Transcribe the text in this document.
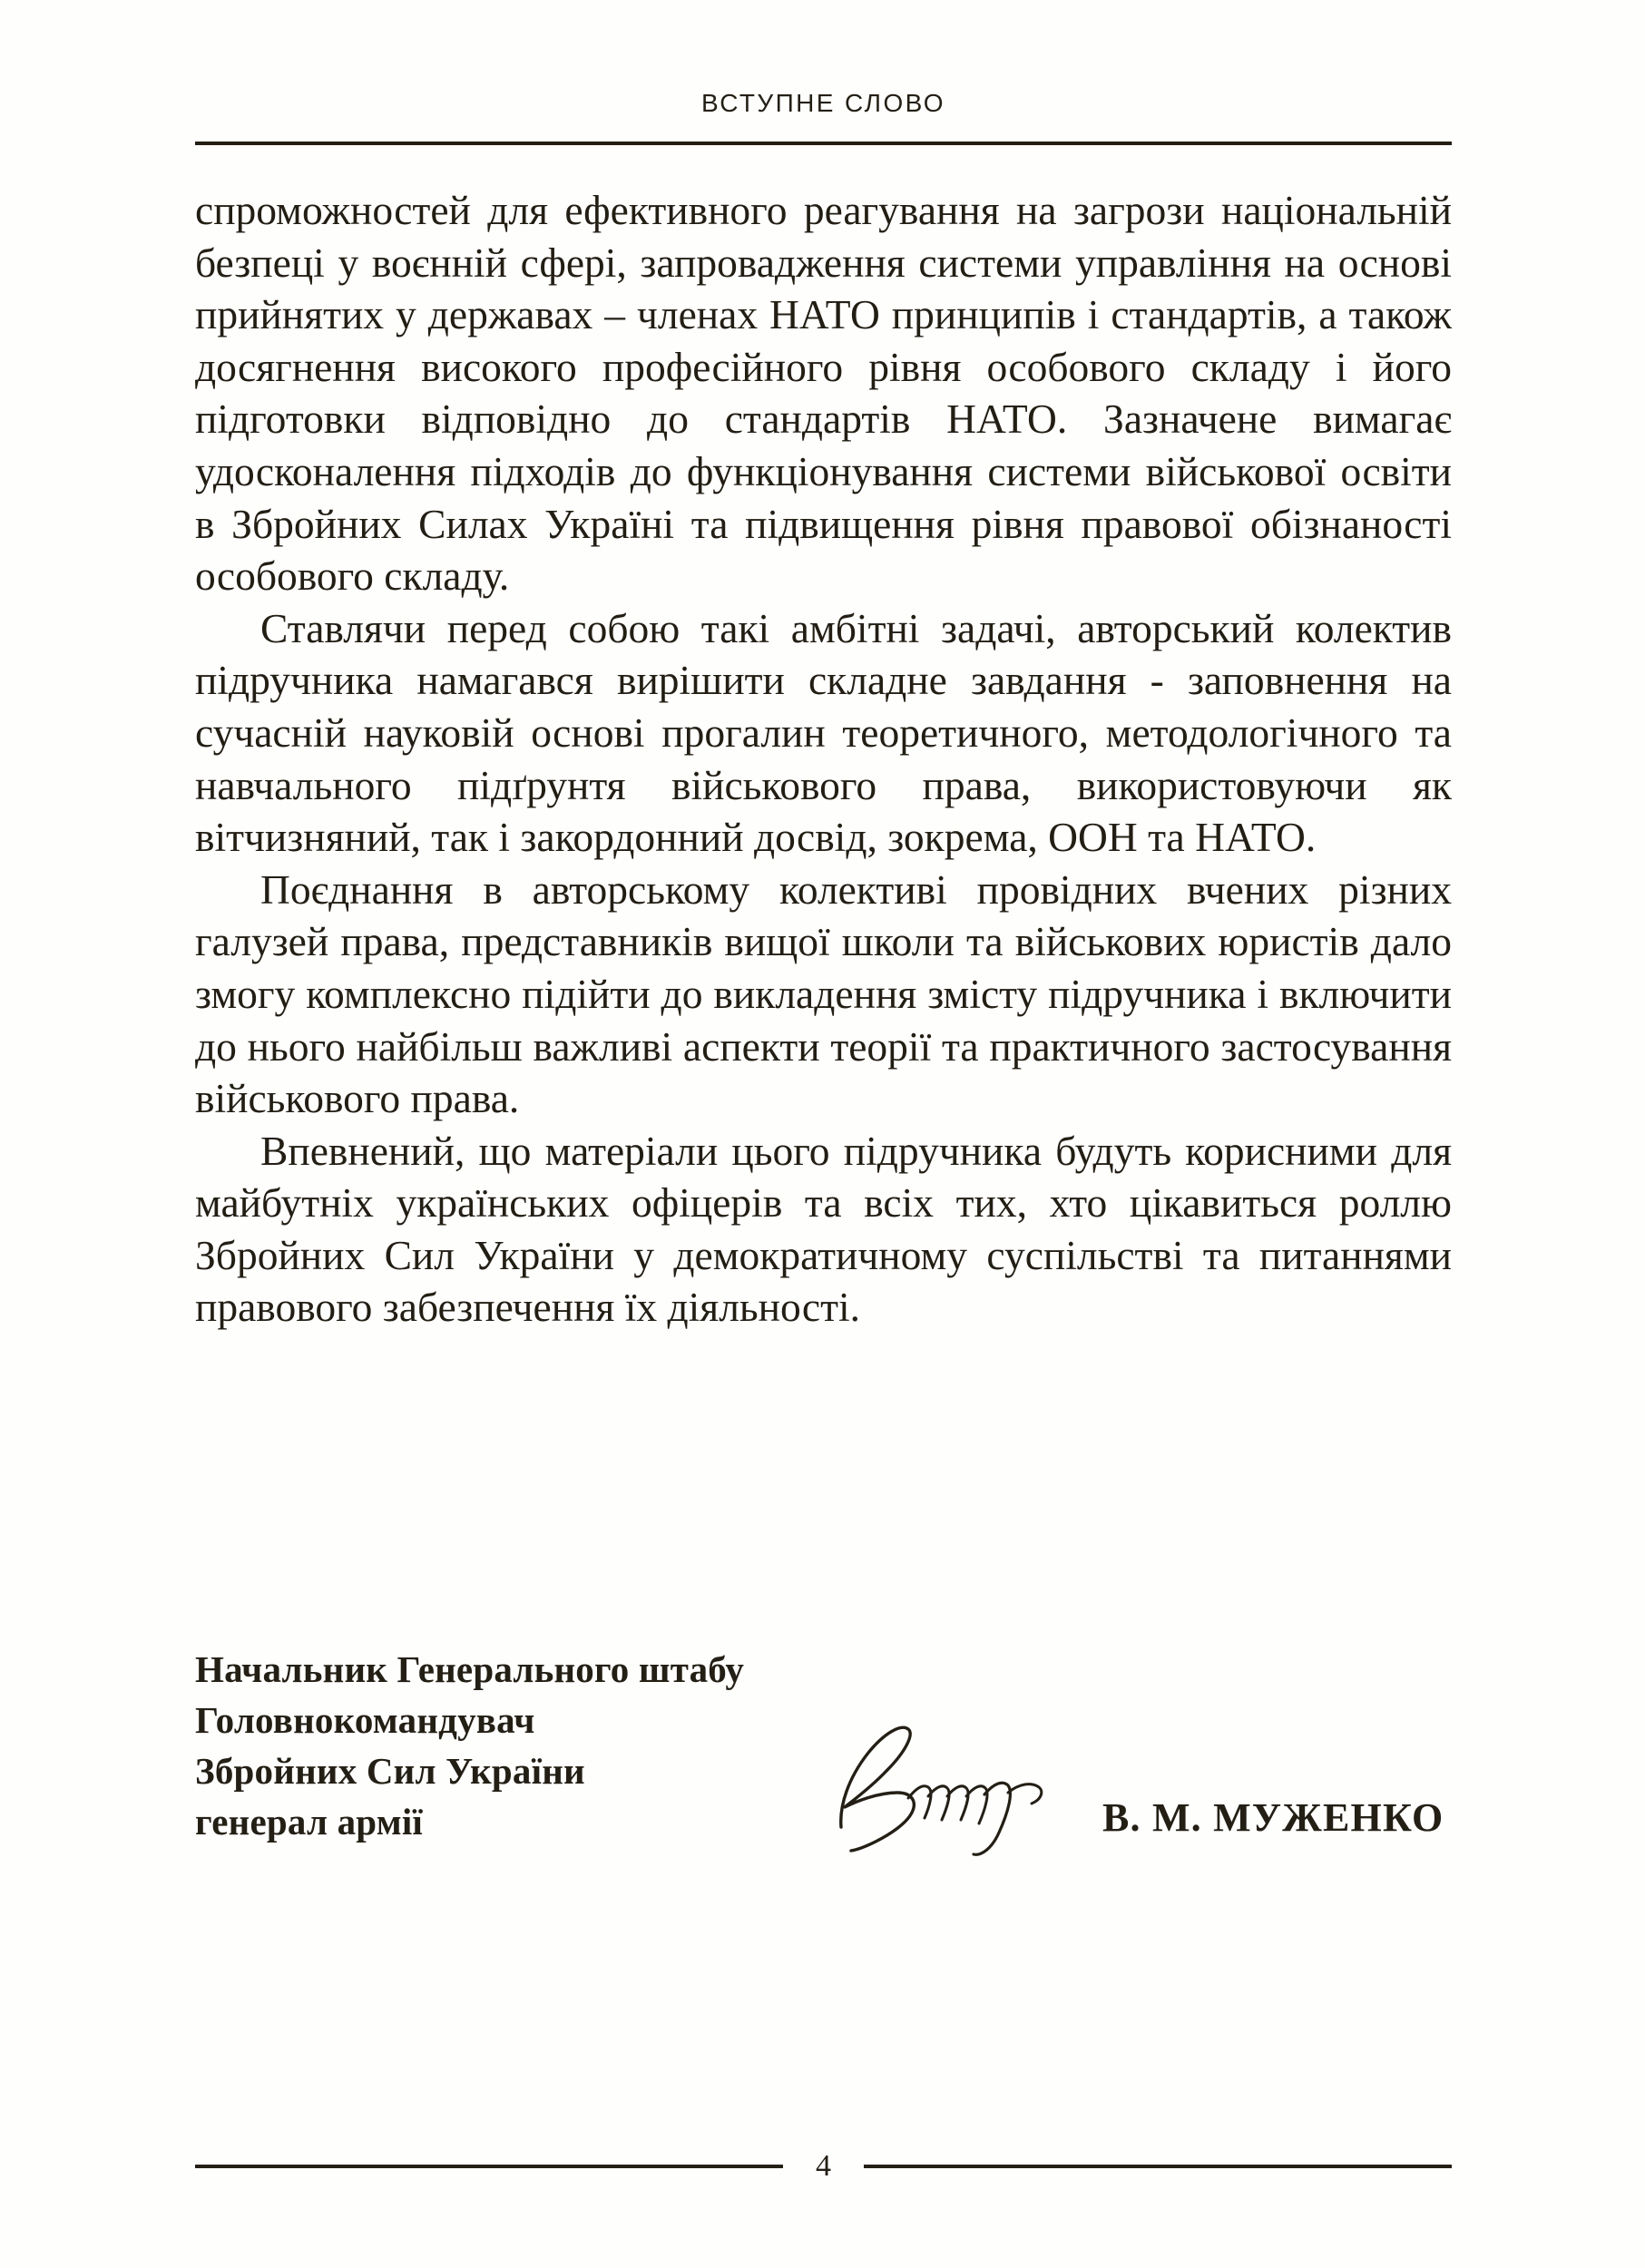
ВСТУПНЕ СЛОВО

спроможностей для ефективного реагування на загрози національній безпеці у воєнній сфері, запровадження системи управління на основі прийнятих у державах – членах НАТО принципів і стандартів, а також досягнення високого професійного рівня особового складу і його підготовки відповідно до стандартів НАТО. Зазначене вимагає удосконалення підходів до функціонування системи військової освіти в Збройних Силах Україні та підвищення рівня правової обізнаності особового складу.

Ставлячи перед собою такі амбітні задачі, авторський колектив підручника намагався вирішити складне завдання - заповнення на сучасній науковій основі прогалин теоретичного, методологічного та навчального підґрунтя військового права, використовуючи як вітчизняний, так і закордонний досвід, зокрема, ООН та НАТО.

Поєднання в авторському колективі провідних вчених різних галузей права, представників вищої школи та військових юристів дало змогу комплексно підійти до викладення змісту підручника і включити до нього найбільш важливі аспекти теорії та практичного застосування військового права.

Впевнений, що матеріали цього підручника будуть корисними для майбутніх українських офіцерів та всіх тих, хто цікавиться роллю Збройних Сил України у демократичному суспільстві та питаннями правового забезпечення їх діяльності.

Начальник Генерального штабу
Головнокомандувач
Збройних Сил України
генерал армії	В. М. МУЖЕНКО
4
